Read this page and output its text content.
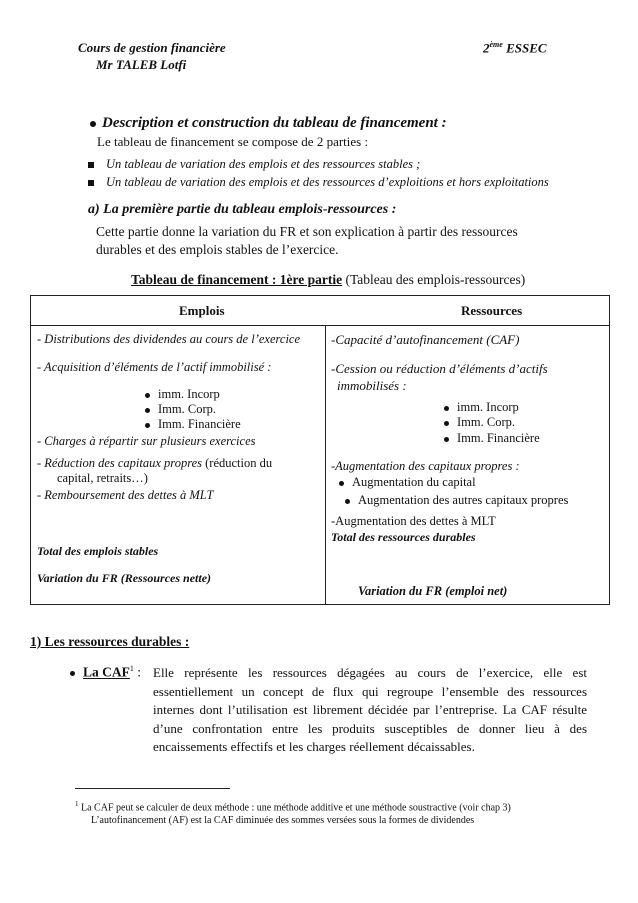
Cours de gestion financière
Mr TALEB Lotfi
2ème ESSEC
Description et construction du tableau de financement :
Le tableau de financement se compose de 2 parties :
Un tableau de variation des emplois et des ressources stables ;
Un tableau de variation des emplois et des ressources d’exploitions et hors exploitations
a) La première partie du tableau emplois-ressources :
Cette partie donne la variation du FR et son explication à partir des ressources
durables et des emplois stables de l’exercice.
Tableau de financement : 1ère partie (Tableau des emplois-ressources)
Emplois	Ressources
- Distributions des dividendes au cours de l’exercice
- Acquisition d’éléments de l’actif immobilisé :
imm. Incorp
Imm. Corp.
Imm. Financière
- Charges à répartir sur plusieurs exercices
- Réduction des capitaux propres (réduction du
capital, retraits…)
- Remboursement des dettes à MLT
Total des emplois stables
Variation du FR (Ressources nette)
-Capacité d’autofinancement (CAF)
-Cession ou réduction d’éléments d’actifs
immobilisés :
imm. Incorp
Imm. Corp.
Imm. Financière
-Augmentation des capitaux propres :
Augmentation du capital
Augmentation des autres capitaux propres
-Augmentation des dettes à MLT
Total des ressources durables
Variation du FR (emploi net)
1) Les ressources durables :
La CAF$^1$ : Elle représente les ressources dégagées au cours de l’exercice, elle est
essentiellement un concept de flux qui regroupe l’ensemble des ressources
internes dont l’utilisation est librement décidée par l’entreprise. La CAF résulte
d’une confrontation entre les produits susceptibles de donner lieu à des
encaissements effectifs et les charges réellement décaissables.
$^1$ La CAF peut se calculer de deux méthode : une méthode additive et une méthode soustractive (voir chap 3)
L’autofinancement (AF) est la CAF diminuée des sommes versées sous la formes de dividendes
